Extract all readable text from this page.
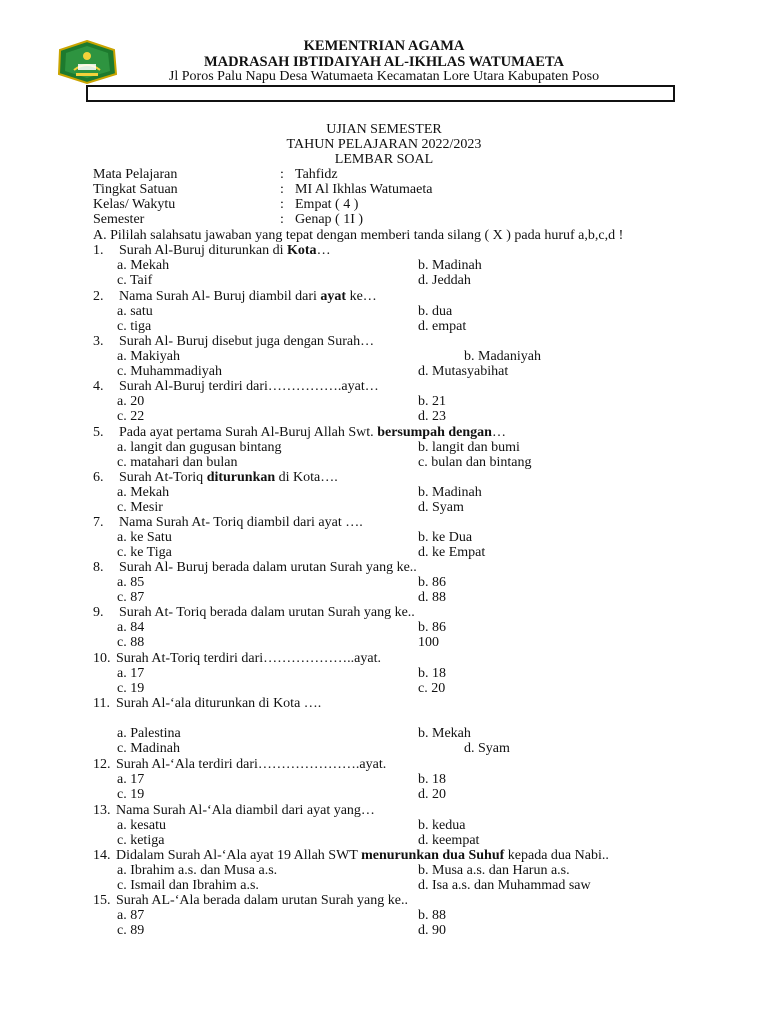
KEMENTRIAN AGAMA
MADRASAH IBTIDAIYAH AL-IKHLAS WATUMAETA
Jl Poros Palu Napu Desa Watumaeta Kecamatan Lore Utara Kabupaten Poso
UJIAN SEMESTER
TAHUN PELAJARAN 2022/2023
LEMBAR SOAL
Mata Pelajaran	: Tahfidz
Tingkat Satuan	: MI Al Ikhlas Watumaeta
Kelas/ Wakytu	: Empat ( 4 )
Semester	: Genap ( 1I )
A. Pililah salahsatu jawaban yang tepat dengan memberi tanda silang ( X ) pada huruf a,b,c,d !
1. Surah Al-Buruj diturunkan di Kota…
a. Mekah	b. Madinah
c. Taif	d. Jeddah
2. Nama Surah Al- Buruj diambil dari ayat ke…
a. satu	b. dua
c. tiga	d. empat
3. Surah Al- Buruj disebut juga dengan Surah…
a. Makiyah	b. Madaniyah
c. Muhammadiyah	d. Mutasyabihat
4. Surah Al-Buruj terdiri dari…………….ayat…
a. 20	b. 21
c. 22	d. 23
5. Pada ayat pertama Surah Al-Buruj Allah Swt. bersumpah dengan…
a. langit dan gugusan bintang	b. langit dan bumi
c. matahari dan bulan	c. bulan dan bintang
6. Surah At-Toriq diturunkan di Kota….
a. Mekah	b. Madinah
c. Mesir	d. Syam
7. Nama Surah At- Toriq diambil dari ayat ….
a. ke Satu	b. ke Dua
c. ke Tiga	d. ke Empat
8. Surah Al- Buruj berada dalam urutan Surah yang ke..
a. 85	b. 86
c. 87	d. 88
9. Surah At- Toriq berada dalam urutan Surah yang ke..
a. 84	b. 86
c. 88	100
10. Surah At-Toriq terdiri dari………………..ayat.
a. 17	b. 18
c. 19	c. 20
11. Surah Al-‘ala diturunkan di Kota ….
a. Palestina	b. Mekah
c. Madinah	d. Syam
12. Surah Al-‘Ala terdiri dari………………….ayat.
a. 17	b. 18
c. 19	d. 20
13. Nama Surah Al-‘Ala diambil dari ayat yang…
a. kesatu	b. kedua
c. ketiga	d. keempat
14. Didalam Surah Al-‘Ala ayat 19 Allah SWT menurunkan dua Suhuf kepada dua Nabi..
a. Ibrahim a.s. dan Musa a.s.	b. Musa a.s. dan Harun a.s.
c. Ismail dan Ibrahim a.s.	d. Isa a.s. dan Muhammad saw
15. Surah AL-‘Ala berada dalam urutan Surah yang ke..
a. 87	b. 88
c. 89	d. 90
